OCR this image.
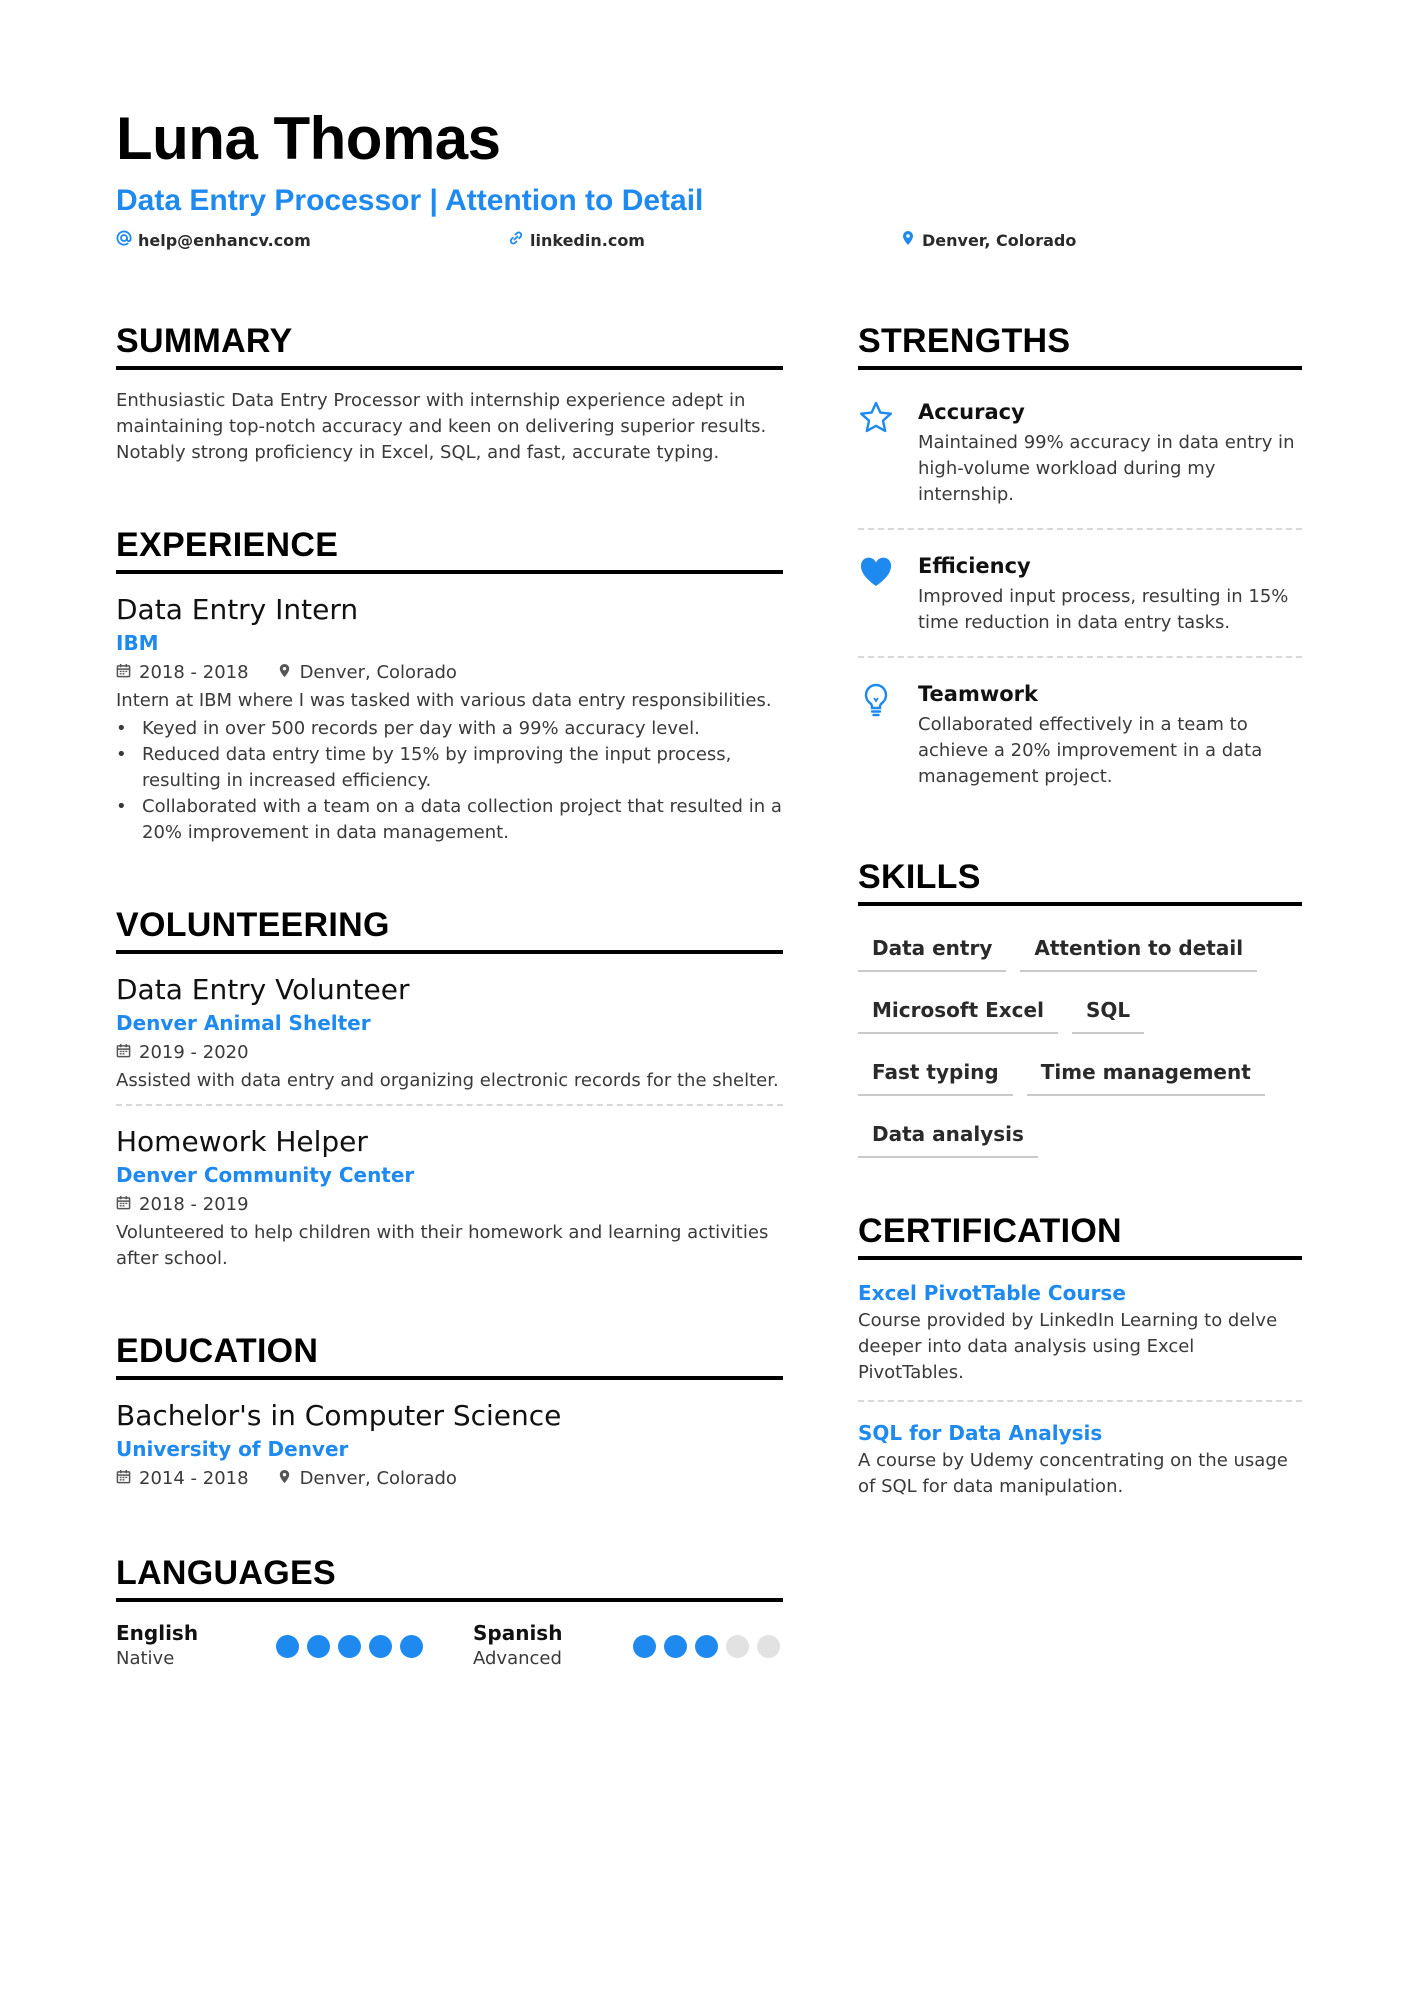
Luna Thomas
Data Entry Processor | Attention to Detail
help@enhancv.com	linkedin.com	Denver, Colorado
SUMMARY
Enthusiastic Data Entry Processor with internship experience adept in maintaining top-notch accuracy and keen on delivering superior results. Notably strong proficiency in Excel, SQL, and fast, accurate typing.
EXPERIENCE
Data Entry Intern
IBM
2018 - 2018	Denver, Colorado
Intern at IBM where I was tasked with various data entry responsibilities.
• Keyed in over 500 records per day with a 99% accuracy level.
• Reduced data entry time by 15% by improving the input process, resulting in increased efficiency.
• Collaborated with a team on a data collection project that resulted in a 20% improvement in data management.
VOLUNTEERING
Data Entry Volunteer
Denver Animal Shelter
2019 - 2020
Assisted with data entry and organizing electronic records for the shelter.
Homework Helper
Denver Community Center
2018 - 2019
Volunteered to help children with their homework and learning activities after school.
EDUCATION
Bachelor's in Computer Science
University of Denver
2014 - 2018	Denver, Colorado
LANGUAGES
English
Native
Spanish
Advanced
STRENGTHS
Accuracy
Maintained 99% accuracy in data entry in high-volume workload during my internship.
Efficiency
Improved input process, resulting in 15% time reduction in data entry tasks.
Teamwork
Collaborated effectively in a team to achieve a 20% improvement in a data management project.
SKILLS
Data entry	Attention to detail
Microsoft Excel	SQL
Fast typing	Time management
Data analysis
CERTIFICATION
Excel PivotTable Course
Course provided by LinkedIn Learning to delve deeper into data analysis using Excel PivotTables.
SQL for Data Analysis
A course by Udemy concentrating on the usage of SQL for data manipulation.
